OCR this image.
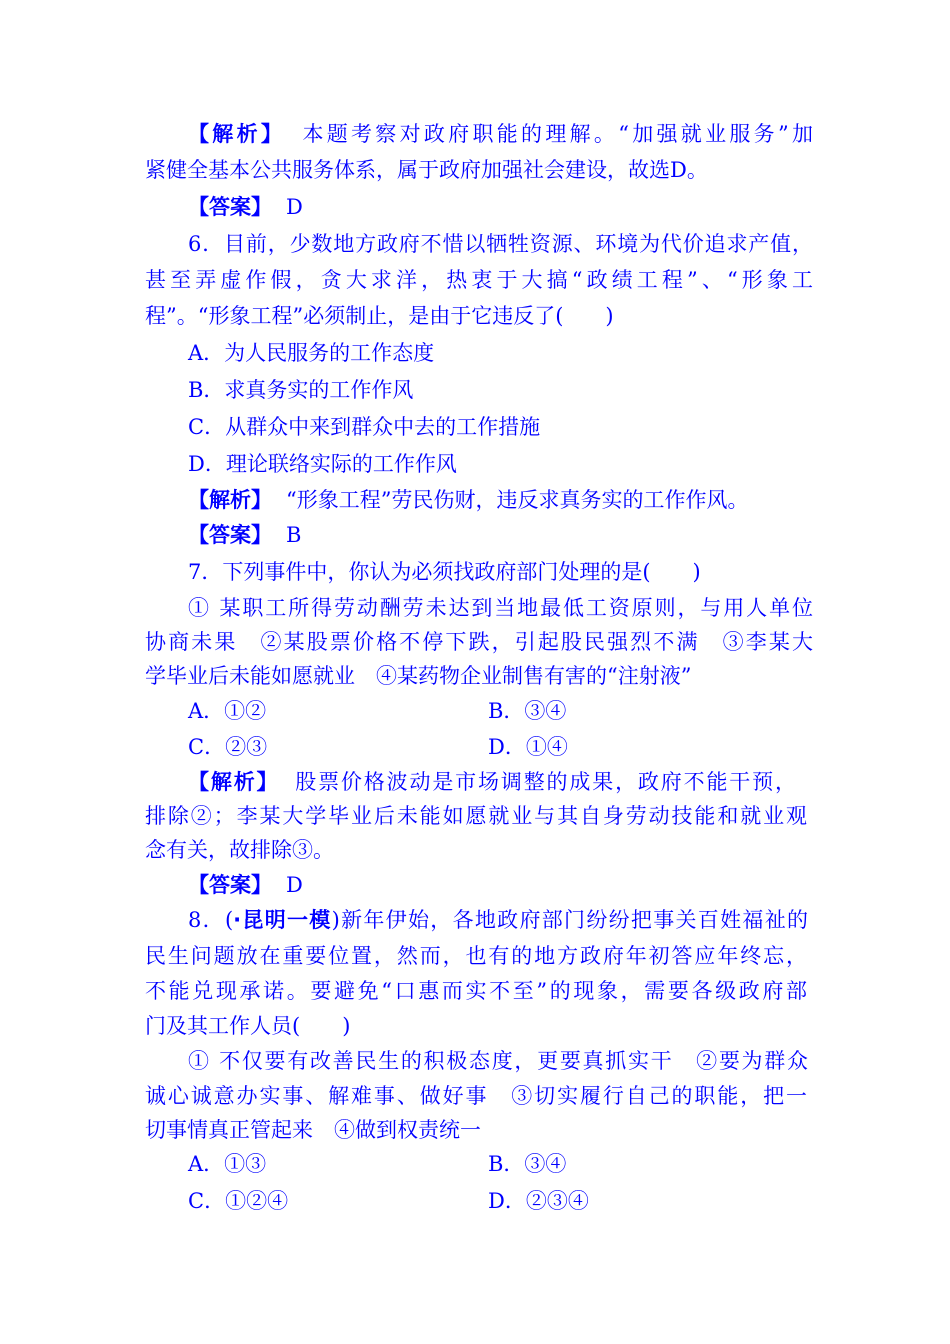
【解析】 本题考察对政府职能的理解。“加强就业服务”加
紧健全基本公共服务体系，属于政府加强社会建设，故选D。
【答案】 D
6．目前，少数地方政府不惜以牺牲资源、环境为代价追求产值，
甚至弄虚作假，贪大求洋，热衷于大搞“政绩工程”、“形象工
程”。“形象工程”必须制止，是由于它违反了(　　)
A．为人民服务的工作态度
B．求真务实的工作作风
C．从群众中来到群众中去的工作措施
D．理论联络实际的工作作风
【解析】 “形象工程”劳民伤财，违反求真务实的工作作风。
【答案】 B
7．下列事件中，你认为必须找政府部门处理的是(　　)
① 某职工所得劳动酬劳未达到当地最低工资原则，与用人单位
协商未果　②某股票价格不停下跌，引起股民强烈不满　③李某大
学毕业后未能如愿就业　④某药物企业制售有害的“注射液”
A．①②	B．③④
C．②③	D．①④
【解析】 股票价格波动是市场调整的成果，政府不能干预，
排除②；李某大学毕业后未能如愿就业与其自身劳动技能和就业观
念有关，故排除③。
【答案】 D
8．(·昆明一模)新年伊始，各地政府部门纷纷把事关百姓福祉的
民生问题放在重要位置，然而，也有的地方政府年初答应年终忘，
不能兑现承诺。要避免“口惠而实不至”的现象，需要各级政府部
门及其工作人员(　　)
① 不仅要有改善民生的积极态度，更要真抓实干　②要为群众
诚心诚意办实事、解难事、做好事　③切实履行自己的职能，把一
切事情真正管起来　④做到权责统一
A．①③	B．③④
C．①②④	D．②③④
